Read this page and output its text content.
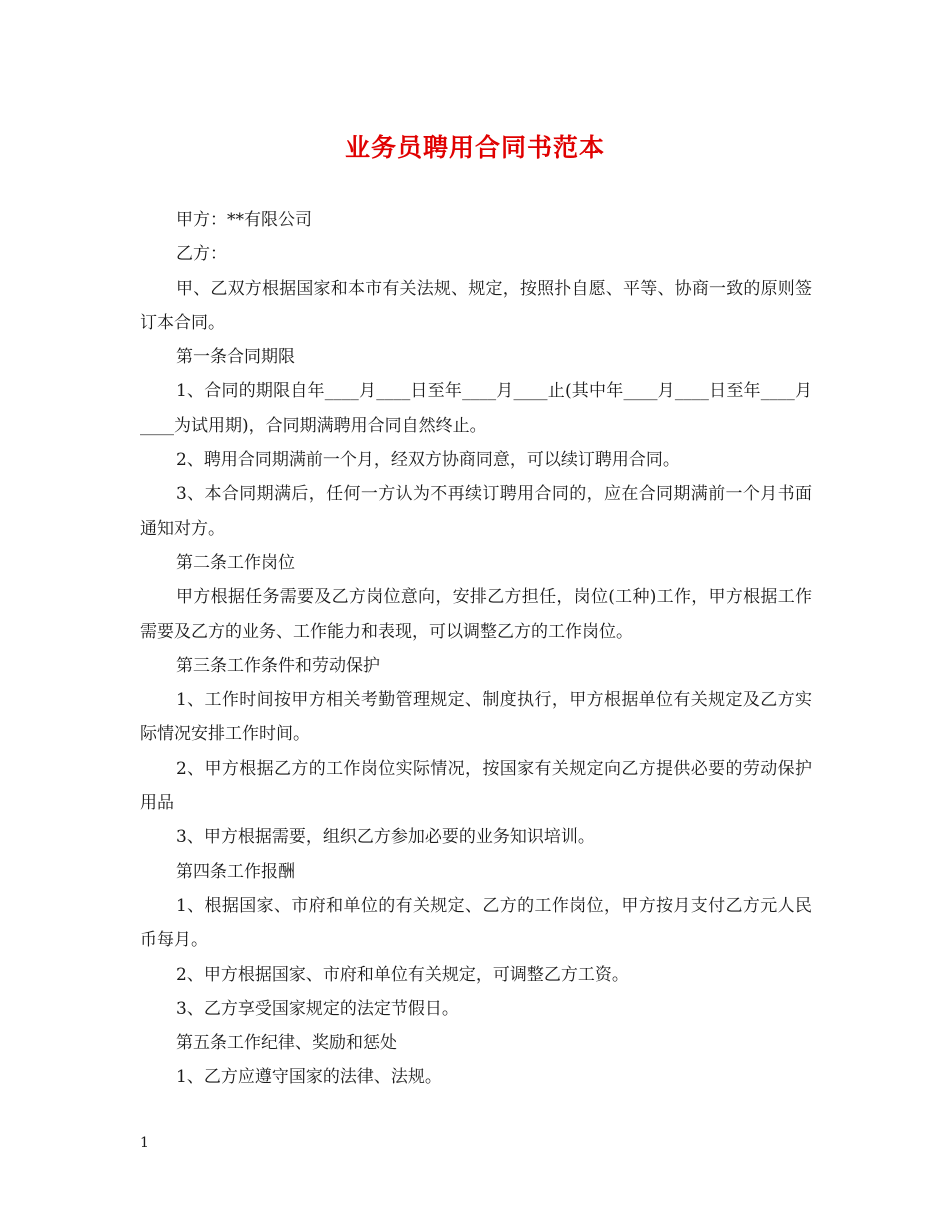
业务员聘用合同书范本

甲方：**有限公司

乙方：

甲、乙双方根据国家和本市有关法规、规定，按照扑自愿、平等、协商一致的原则签订本合同。

第一条合同期限

1、合同的期限自年____月____日至年____月____止(其中年____月____日至年____月____为试用期)，合同期满聘用合同自然终止。

2、聘用合同期满前一个月，经双方协商同意，可以续订聘用合同。

3、本合同期满后，任何一方认为不再续订聘用合同的，应在合同期满前一个月书面通知对方。

第二条工作岗位

甲方根据任务需要及乙方岗位意向，安排乙方担任，岗位(工种)工作，甲方根据工作需要及乙方的业务、工作能力和表现，可以调整乙方的工作岗位。

第三条工作条件和劳动保护

1、工作时间按甲方相关考勤管理规定、制度执行，甲方根据单位有关规定及乙方实际情况安排工作时间。

2、甲方根据乙方的工作岗位实际情况，按国家有关规定向乙方提供必要的劳动保护用品

3、甲方根据需要，组织乙方参加必要的业务知识培训。

第四条工作报酬

1、根据国家、市府和单位的有关规定、乙方的工作岗位，甲方按月支付乙方元人民币每月。

2、甲方根据国家、市府和单位有关规定，可调整乙方工资。

3、乙方享受国家规定的法定节假日。

第五条工作纪律、奖励和惩处

1、乙方应遵守国家的法律、法规。

1
